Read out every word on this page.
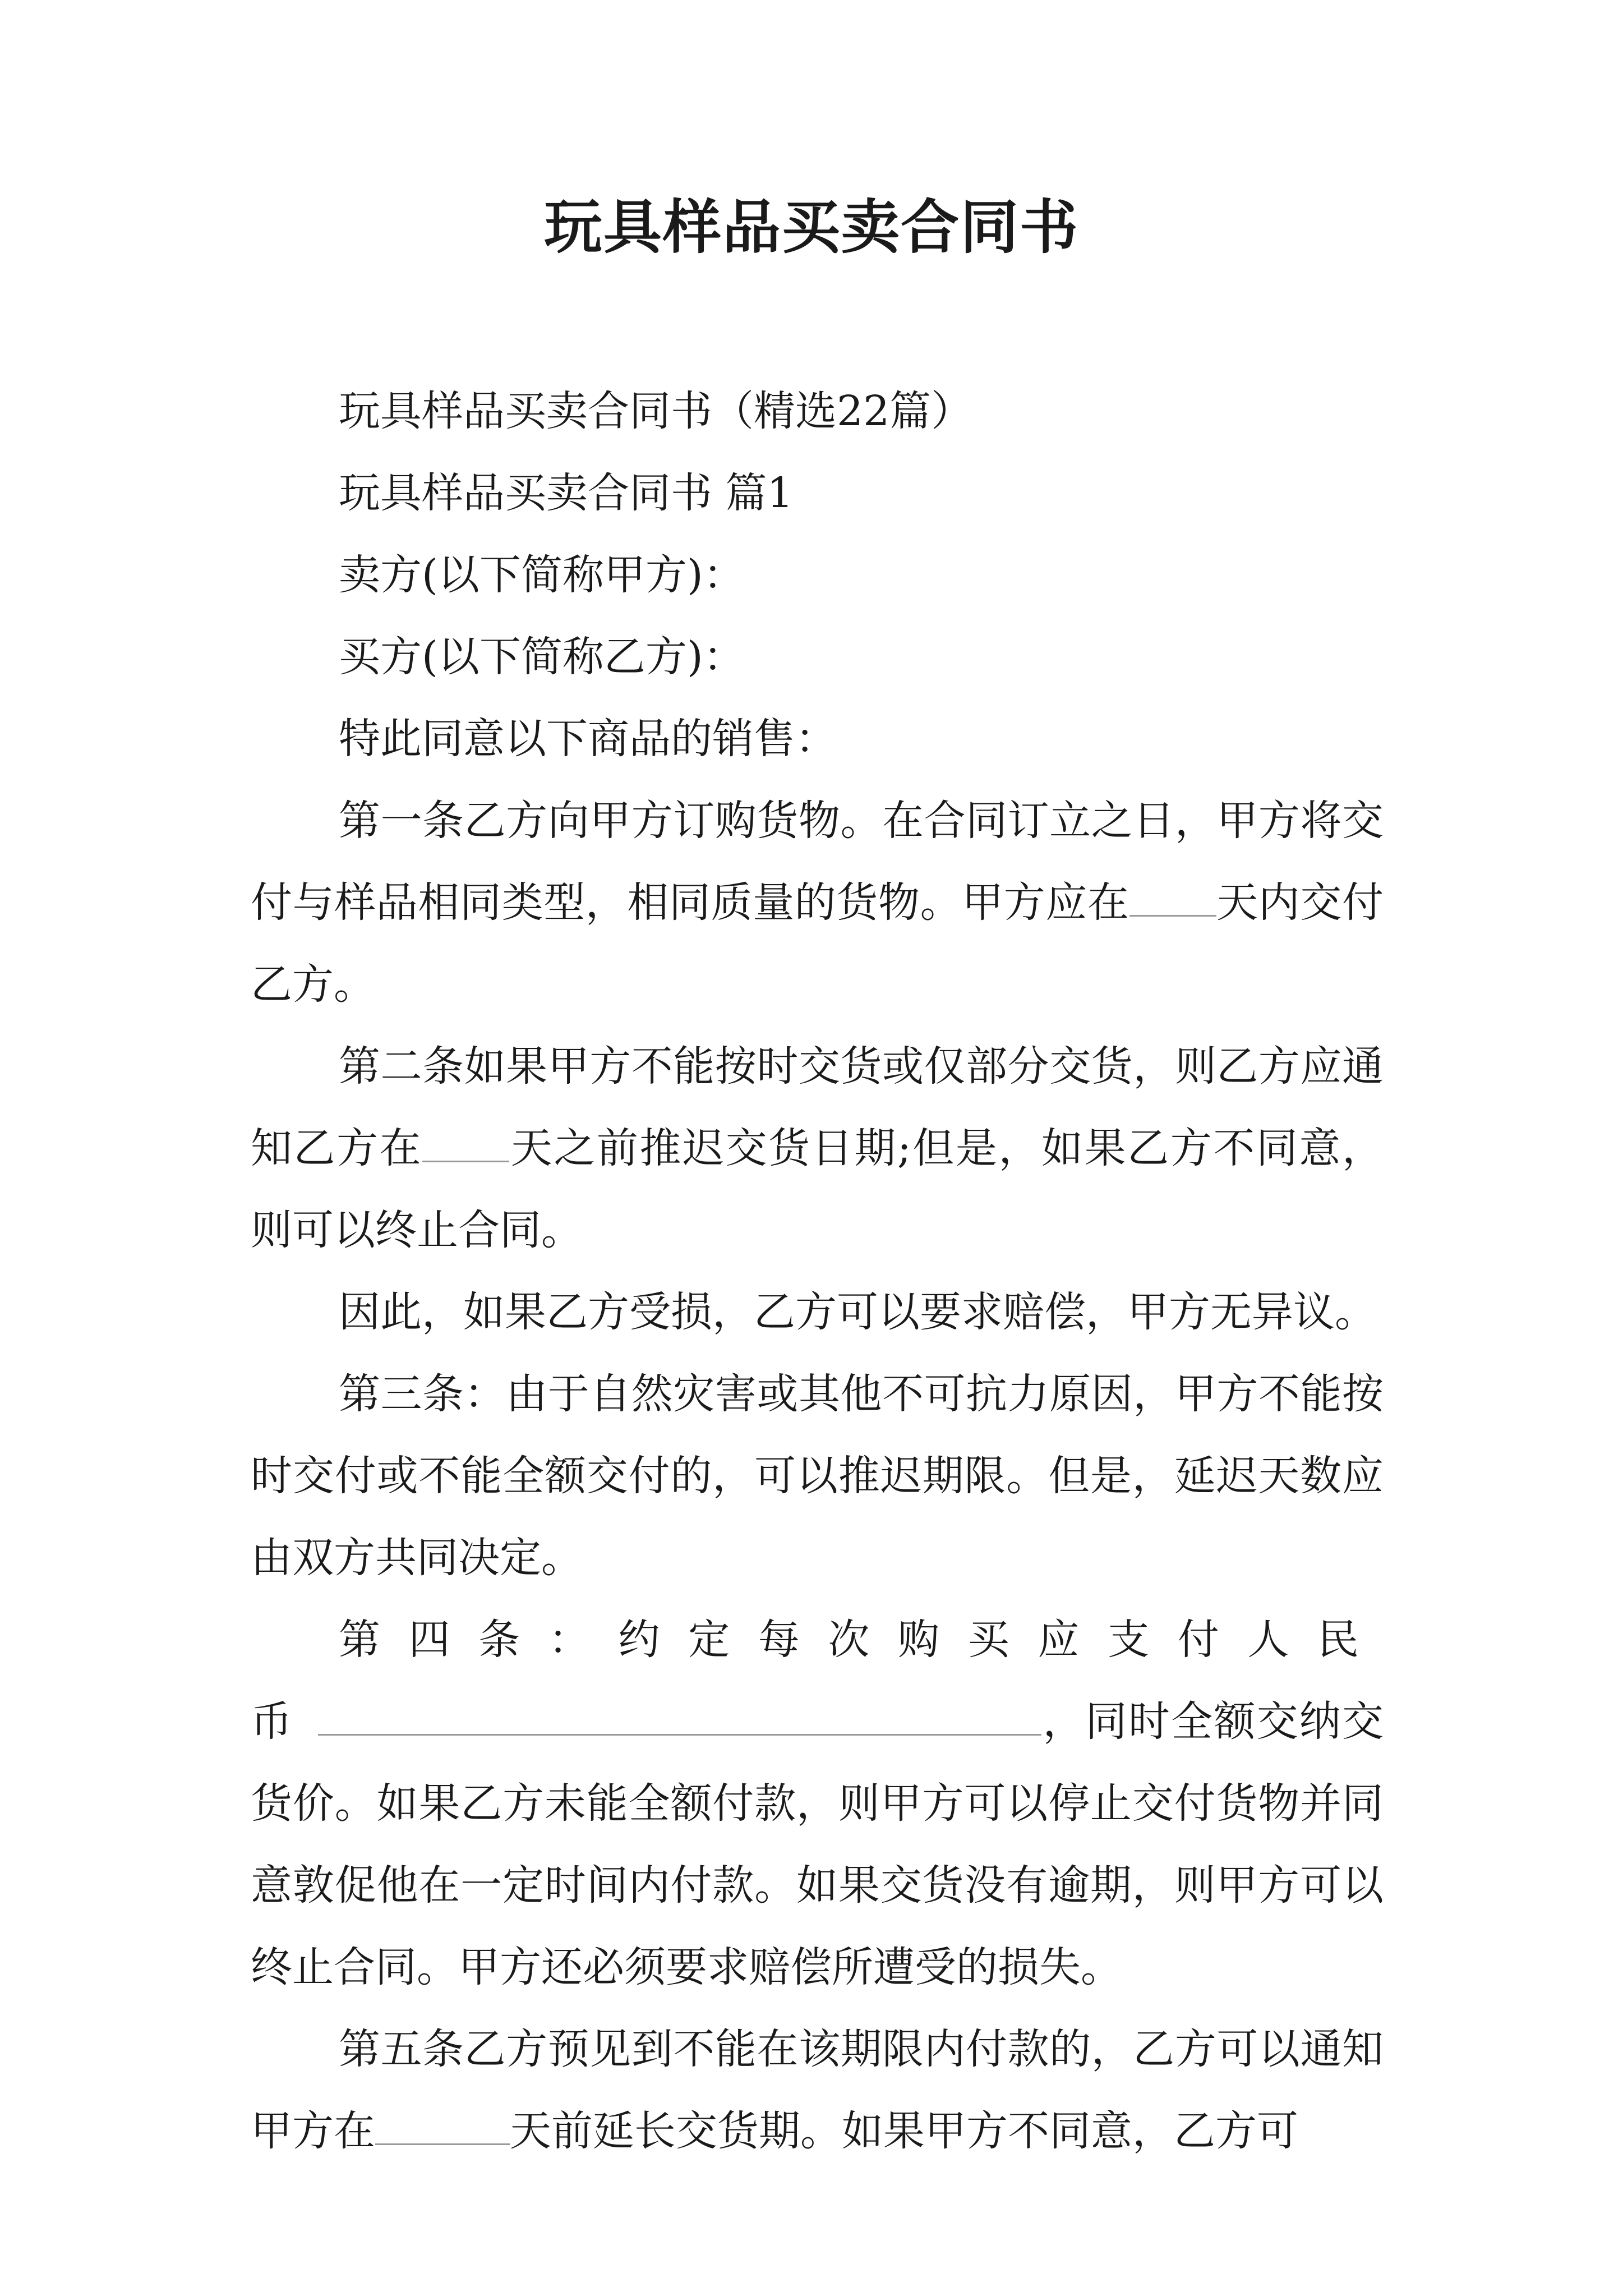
玩具样品买卖合同书

玩具样品买卖合同书（精选22篇）

玩具样品买卖合同书 篇1

卖方(以下简称甲方)：

买方(以下简称乙方)：

特此同意以下商品的销售：

第一条乙方向甲方订购货物。在合同订立之日，甲方将交付与样品相同类型，相同质量的货物。甲方应在 天内交付乙方。

第二条如果甲方不能按时交货或仅部分交货，则乙方应通知乙方在 天之前推迟交货日期;但是，如果乙方不同意，则可以终止合同。

因此，如果乙方受损，乙方可以要求赔偿，甲方无异议。

第三条：由于自然灾害或其他不可抗力原因，甲方不能按时交付或不能全额交付的，可以推迟期限。但是，延迟天数应由双方共同决定。

第四条：约定每次购买应支付人民币	，同时全额交纳交货价。如果乙方未能全额付款，则甲方可以停止交付货物并同意敦促他在一定时间内付款。如果交货没有逾期，则甲方可以终止合同。甲方还必须要求赔偿所遭受的损失。

第五条乙方预见到不能在该期限内付款的，乙方可以通知甲方在	天前延长交货期。如果甲方不同意，乙方可
